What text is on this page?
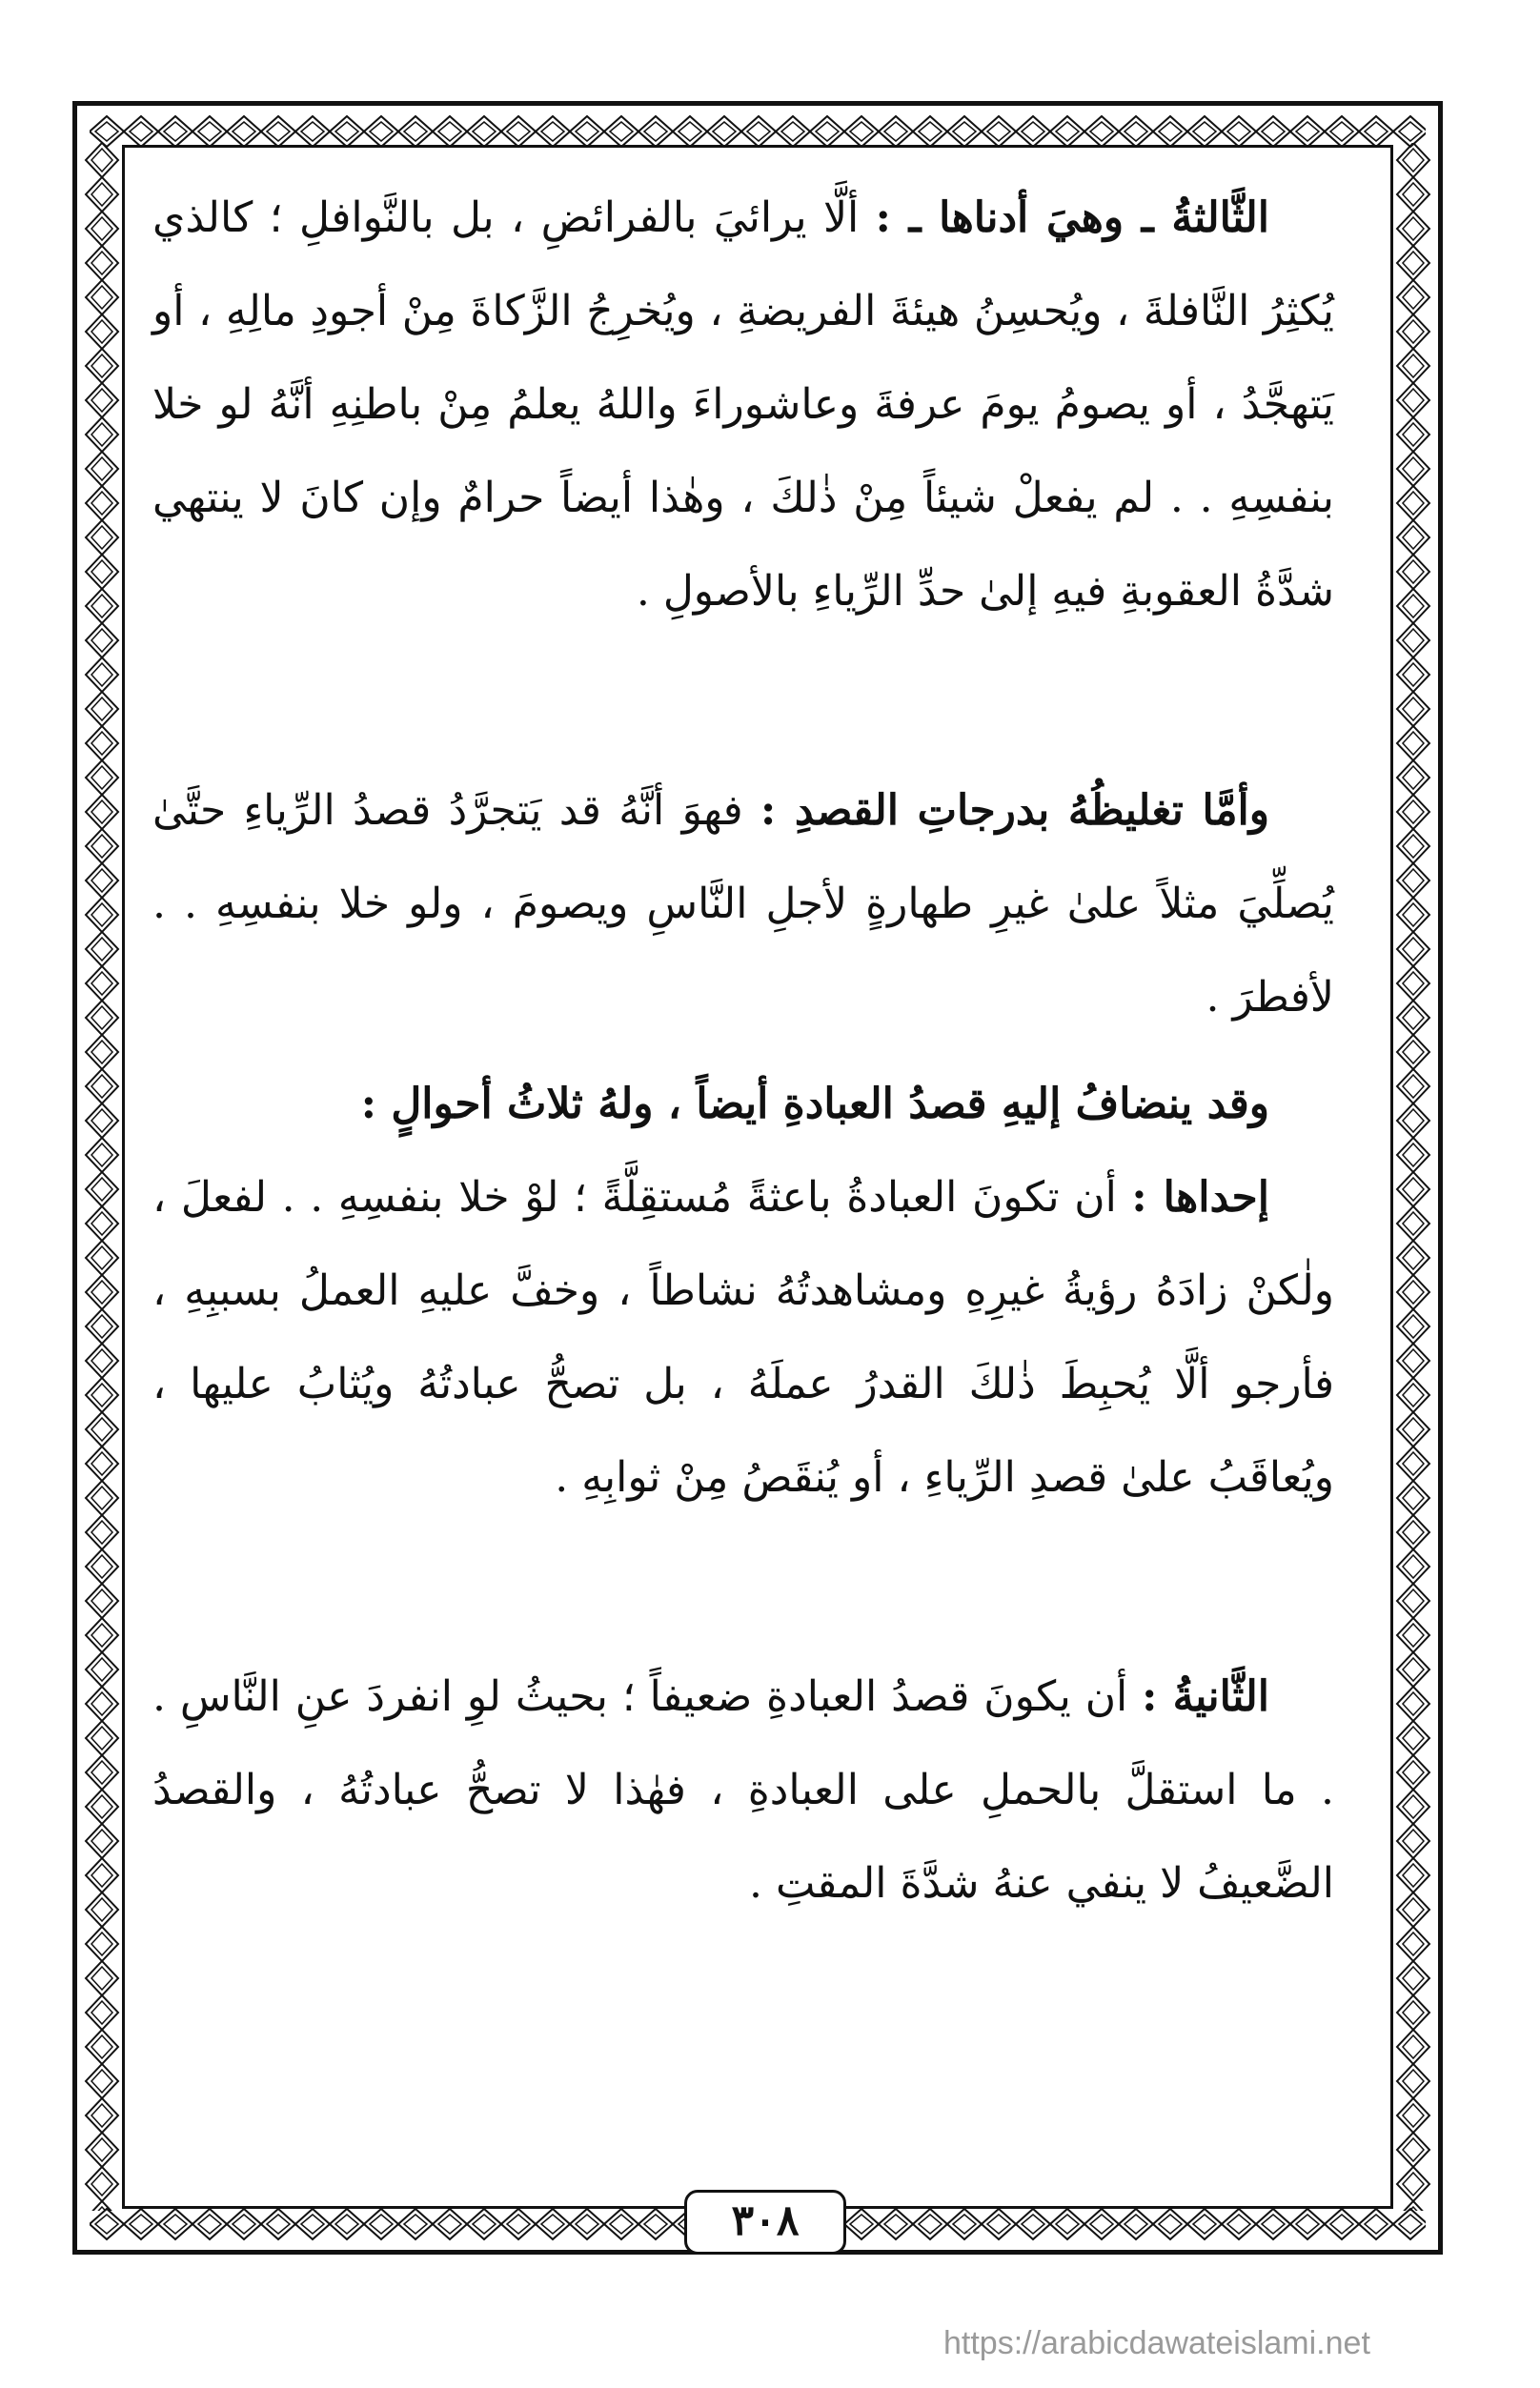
الثَّالثةُ ـ وهيَ أدناها ـ : ألَّا يرائيَ بالفرائضِ ، بل بالنَّوافلِ ؛ كالذي يُكثِرُ النَّافلةَ ، ويُحسِنُ هيئةَ الفريضةِ ، ويُخرِجُ الزَّكاةَ مِنْ أجودِ مالِهِ ، أو يَتهجَّدُ ، أو يصومُ يومَ عرفةَ وعاشوراءَ واللهُ يعلمُ مِنْ باطنِهِ أنَّهُ لو خلا بنفسِهِ . . لم يفعلْ شيئاً مِنْ ذٰلكَ ، وهٰذا أيضاً حرامٌ وإن كانَ لا ينتهي شدَّةُ العقوبةِ فيهِ إلىٰ حدِّ الرِّياءِ بالأصولِ .

وأمَّا تغليظُهُ بدرجاتِ القصدِ : فهوَ أنَّهُ قد يَتجرَّدُ قصدُ الرِّياءِ حتَّىٰ يُصلِّيَ مثلاً علىٰ غيرِ طهارةٍ لأجلِ النَّاسِ ويصومَ ، ولو خلا بنفسِهِ . . لأفطرَ .

وقد ينضافُ إليهِ قصدُ العبادةِ أيضاً ، ولهُ ثلاثُ أحوالٍ :

إحداها : أن تكونَ العبادةُ باعثةً مُستقِلَّةً ؛ لوْ خلا بنفسِهِ . . لفعلَ ، ولٰكنْ زادَهُ رؤيةُ غيرِهِ ومشاهدتُهُ نشاطاً ، وخفَّ عليهِ العملُ بسببِهِ ، فأرجو ألَّا يُحبِطَ ذٰلكَ القدرُ عملَهُ ، بل تصحُّ عبادتُهُ ويُثابُ عليها ، ويُعاقَبُ علىٰ قصدِ الرِّياءِ ، أو يُنقَصُ مِنْ ثوابِهِ .

الثَّانيةُ : أن يكونَ قصدُ العبادةِ ضعيفاً ؛ بحيثُ لوِ انفردَ عنِ النَّاسِ . . ما استقلَّ بالحملِ على العبادةِ ، فهٰذا لا تصحُّ عبادتُهُ ، والقصدُ الضَّعيفُ لا ينفي عنهُ شدَّةَ المقتِ .

٣٠٨
https://arabicdawateislami.net
